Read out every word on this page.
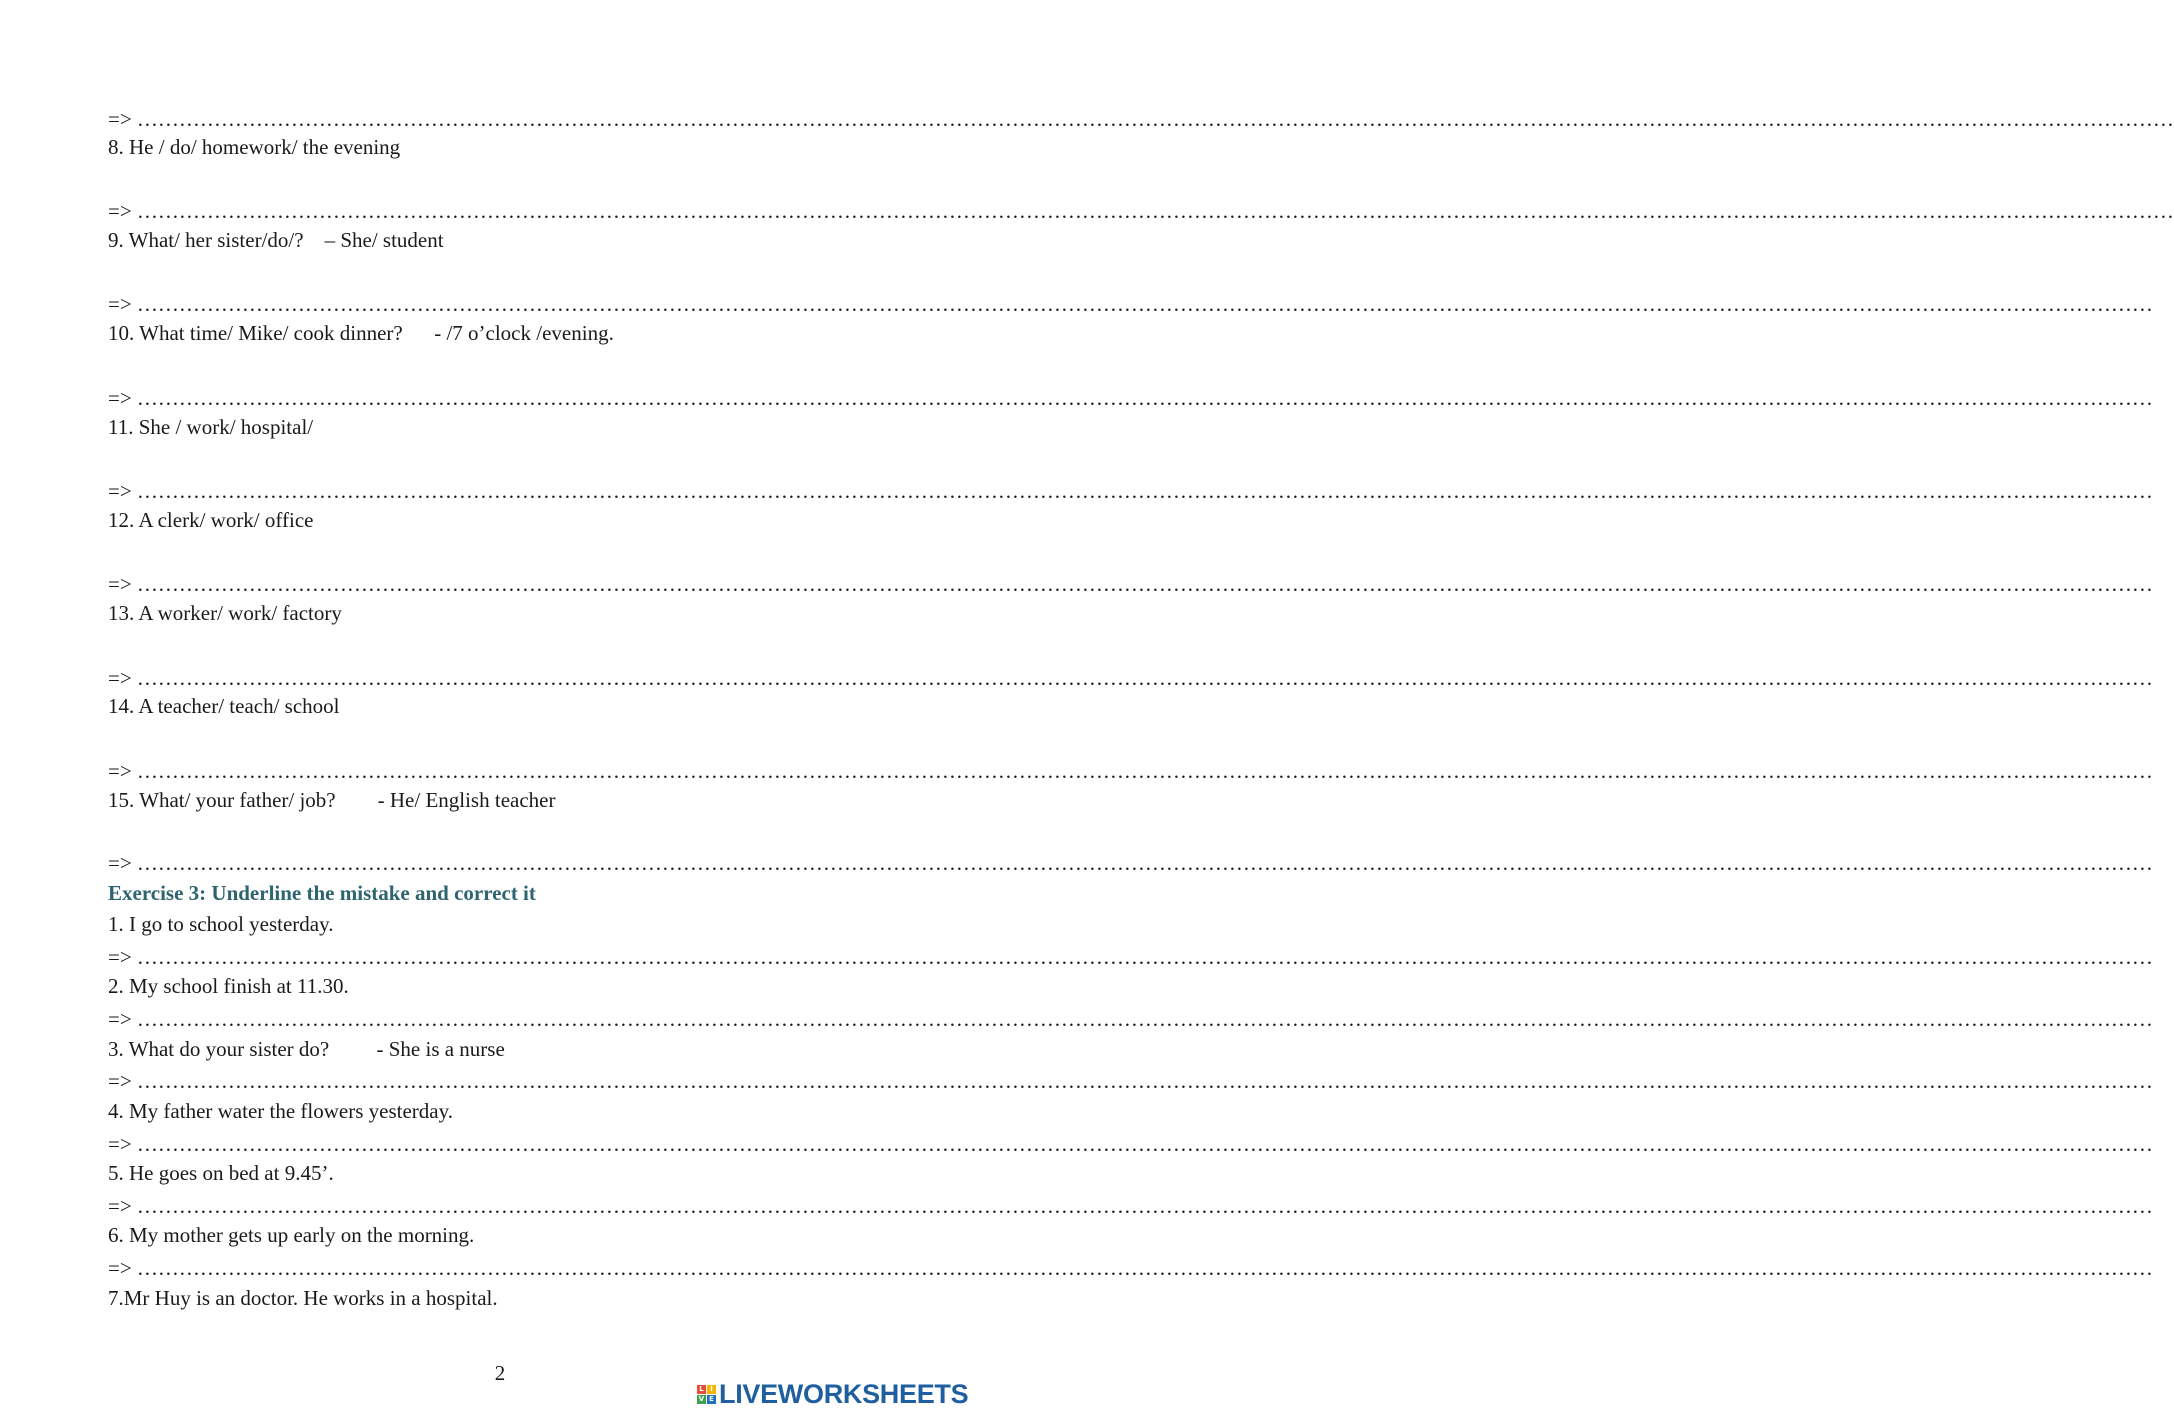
=> …………………………………………………………………………………………………………………………………………………………………………………………………………………………………………………………………
8. He / do/ homework/ the evening
=> …………………………………………………………………………………………………………………………………………………………………………………………………………………………………………………………………
9. What/ her sister/do/?    – She/ student
=> ………………………………………………………………………………………………………………………………………………………………………………………………………………………………………………………………
10. What time/ Mike/ cook dinner?      - /7 o’clock /evening.
=> ………………………………………………………………………………………………………………………………………………………………………………………………………………………………………………………………
11. She / work/ hospital/
=> ………………………………………………………………………………………………………………………………………………………………………………………………………………………………………………………………
12. A clerk/ work/ office
=> ………………………………………………………………………………………………………………………………………………………………………………………………………………………………………………………………
13. A worker/ work/ factory
=> ………………………………………………………………………………………………………………………………………………………………………………………………………………………………………………………………
14. A teacher/ teach/ school
=> ………………………………………………………………………………………………………………………………………………………………………………………………………………………………………………………………
15. What/ your father/ job?        - He/ English teacher
=> ………………………………………………………………………………………………………………………………………………………………………………………………………………………………………………………………
Exercise 3: Underline the mistake and correct it
1. I go to school yesterday.
=> ………………………………………………………………………………………………………………………………………………………………………………………………………………………………………………………………
2. My school finish at 11.30.
=> ………………………………………………………………………………………………………………………………………………………………………………………………………………………………………………………………
3. What do your sister do?         - She is a nurse
=> ………………………………………………………………………………………………………………………………………………………………………………………………………………………………………………………………
4. My father water the flowers yesterday.
=> ………………………………………………………………………………………………………………………………………………………………………………………………………………………………………………………………
5. He goes on bed at 9.45’.
=> ………………………………………………………………………………………………………………………………………………………………………………………………………………………………………………………………
6. My mother gets up early on the morning.
=> ………………………………………………………………………………………………………………………………………………………………………………………………………………………………………………………………
7.Mr Huy is an doctor. He works in a hospital.
2
L I
V E LIVEWORKSHEETS
